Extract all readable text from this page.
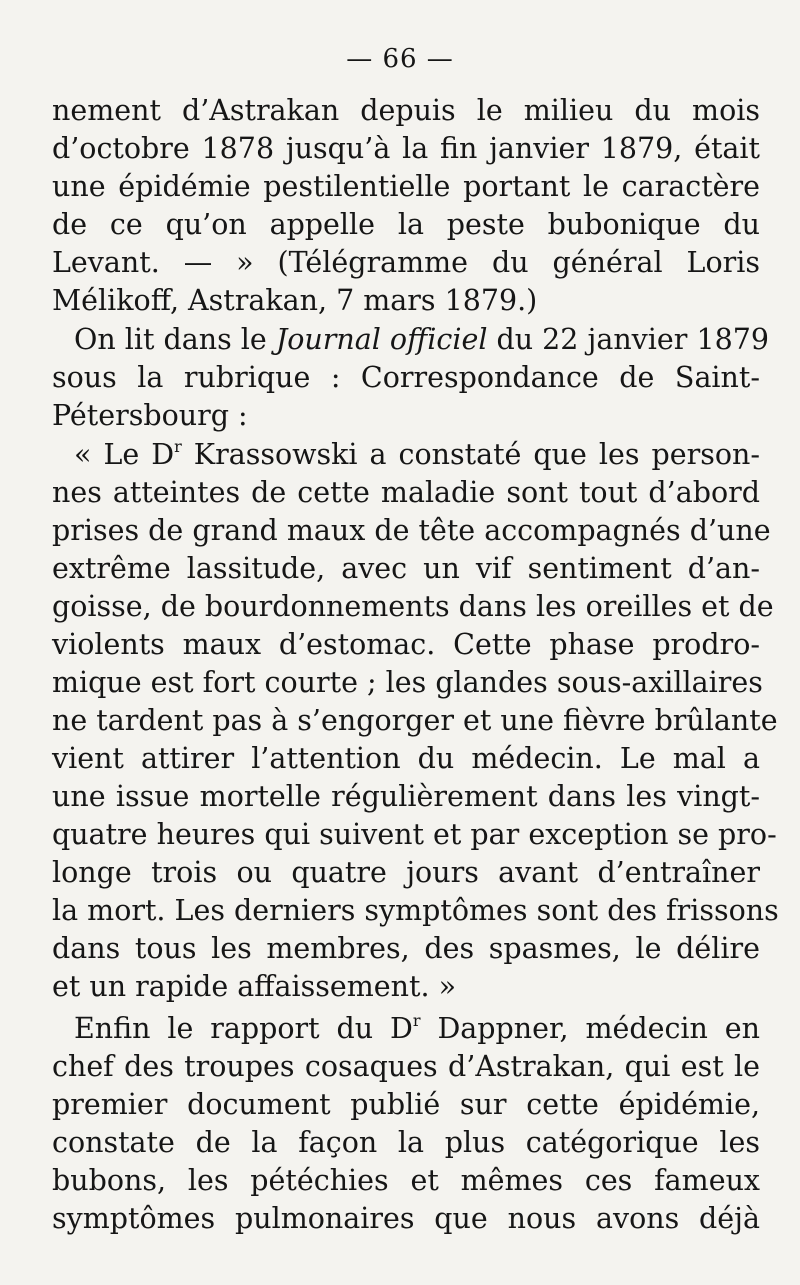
— 66 —
nement d’Astrakan depuis le milieu du mois
d’octobre 1878 jusqu’à la fin janvier 1879, était
une épidémie pestilentielle portant le caractère
de ce qu’on appelle la peste bubonique du
Levant. — » (Télégramme du général Loris
Mélikoff, Astrakan, 7 mars 1879.)
On lit dans le Journal officiel du 22 janvier 1879
sous la rubrique : Correspondance de Saint-
Pétersbourg :
« Le $D^r$ Krassowski a constaté que les person-
nes atteintes de cette maladie sont tout d’abord
prises de grand maux de tête accompagnés d’une
extrême lassitude, avec un vif sentiment d’an-
goisse, de bourdonnements dans les oreilles et de
violents maux d’estomac. Cette phase prodro-
mique est fort courte ; les glandes sous-axillaires
ne tardent pas à s’engorger et une fièvre brûlante
vient attirer l’attention du médecin. Le mal a
une issue mortelle régulièrement dans les vingt-
quatre heures qui suivent et par exception se pro-
longe trois ou quatre jours avant d’entraîner
la mort. Les derniers symptômes sont des frissons
dans tous les membres, des spasmes, le délire
et un rapide affaissement. »
Enfin le rapport du $D^r$ Dappner, médecin en
chef des troupes cosaques d’Astrakan, qui est le
premier document publié sur cette épidémie,
constate de la façon la plus catégorique les
bubons, les pétéchies et mêmes ces fameux
symptômes pulmonaires que nous avons déjà
